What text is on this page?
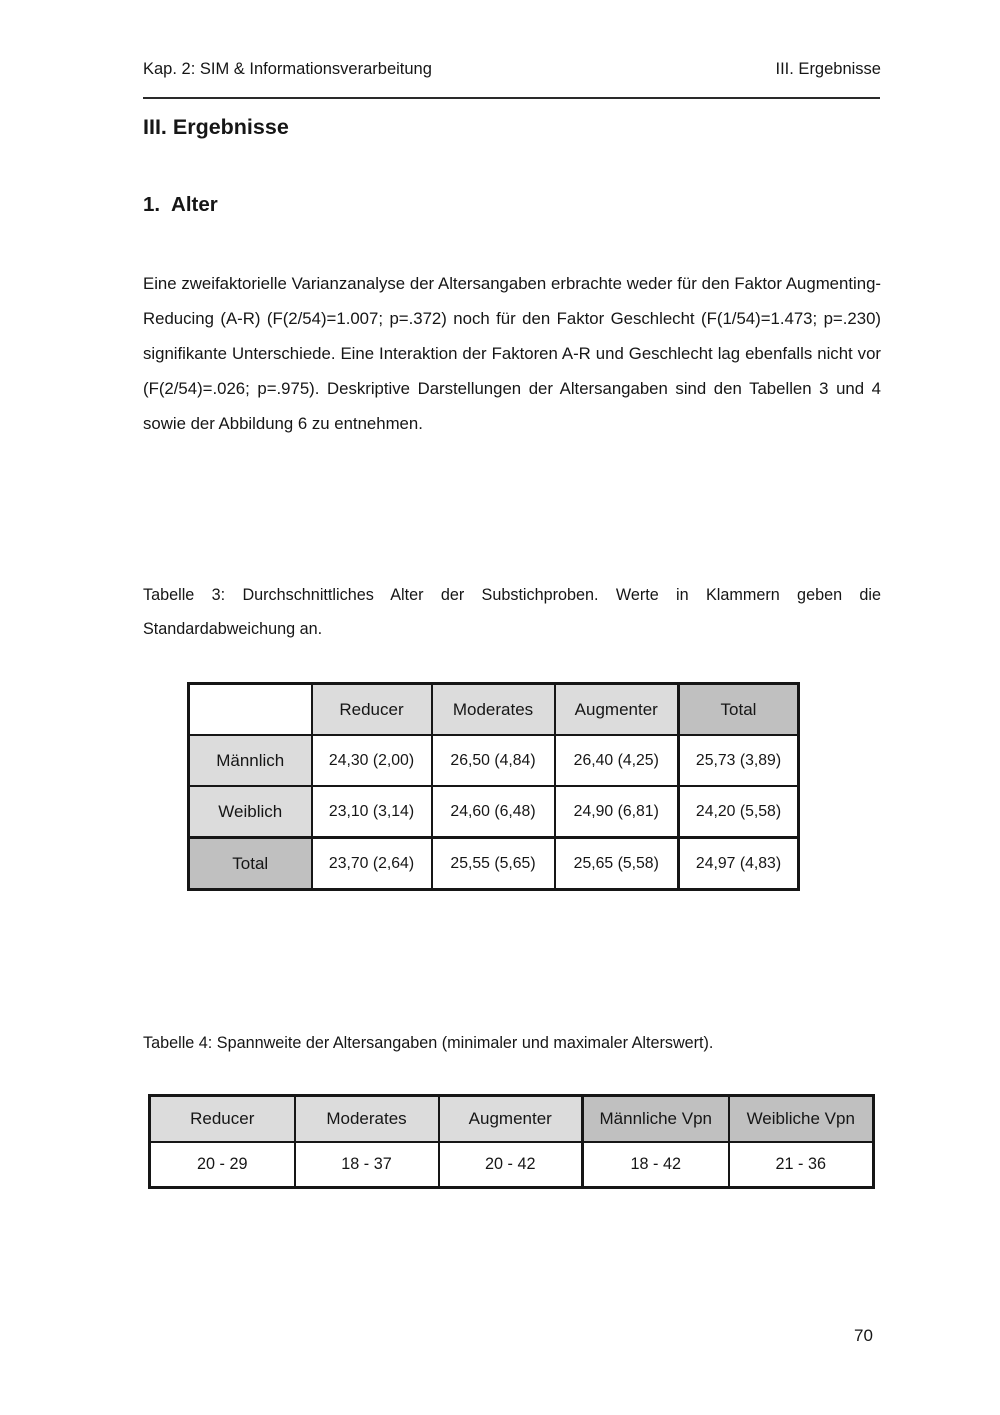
Kap. 2: SIM & Informationsverarbeitung	III. Ergebnisse
III. Ergebnisse
1. Alter
Eine zweifaktorielle Varianzanalyse der Altersangaben erbrachte weder für den Faktor Augmenting-Reducing (A-R) (F(2/54)=1.007; p=.372) noch für den Faktor Geschlecht (F(1/54)=1.473; p=.230) signifikante Unterschiede. Eine Interaktion der Faktoren A-R und Geschlecht lag ebenfalls nicht vor (F(2/54)=.026; p=.975). Deskriptive Darstellungen der Altersangaben sind den Tabellen 3 und 4 sowie der Abbildung 6 zu entnehmen.
Tabelle 3: Durchschnittliches Alter der Substichproben. Werte in Klammern geben die Standardabweichung an.
	Reducer	Moderates	Augmenter	Total
Männlich	24,30 (2,00)	26,50 (4,84)	26,40 (4,25)	25,73 (3,89)
Weiblich	23,10 (3,14)	24,60 (6,48)	24,90 (6,81)	24,20 (5,58)
Total	23,70 (2,64)	25,55 (5,65)	25,65 (5,58)	24,97 (4,83)
Tabelle 4: Spannweite der Altersangaben (minimaler und maximaler Alterswert).
Reducer	Moderates	Augmenter	Männliche Vpn	Weibliche Vpn
20 - 29	18 - 37	20 - 42	18 - 42	21 - 36
70
